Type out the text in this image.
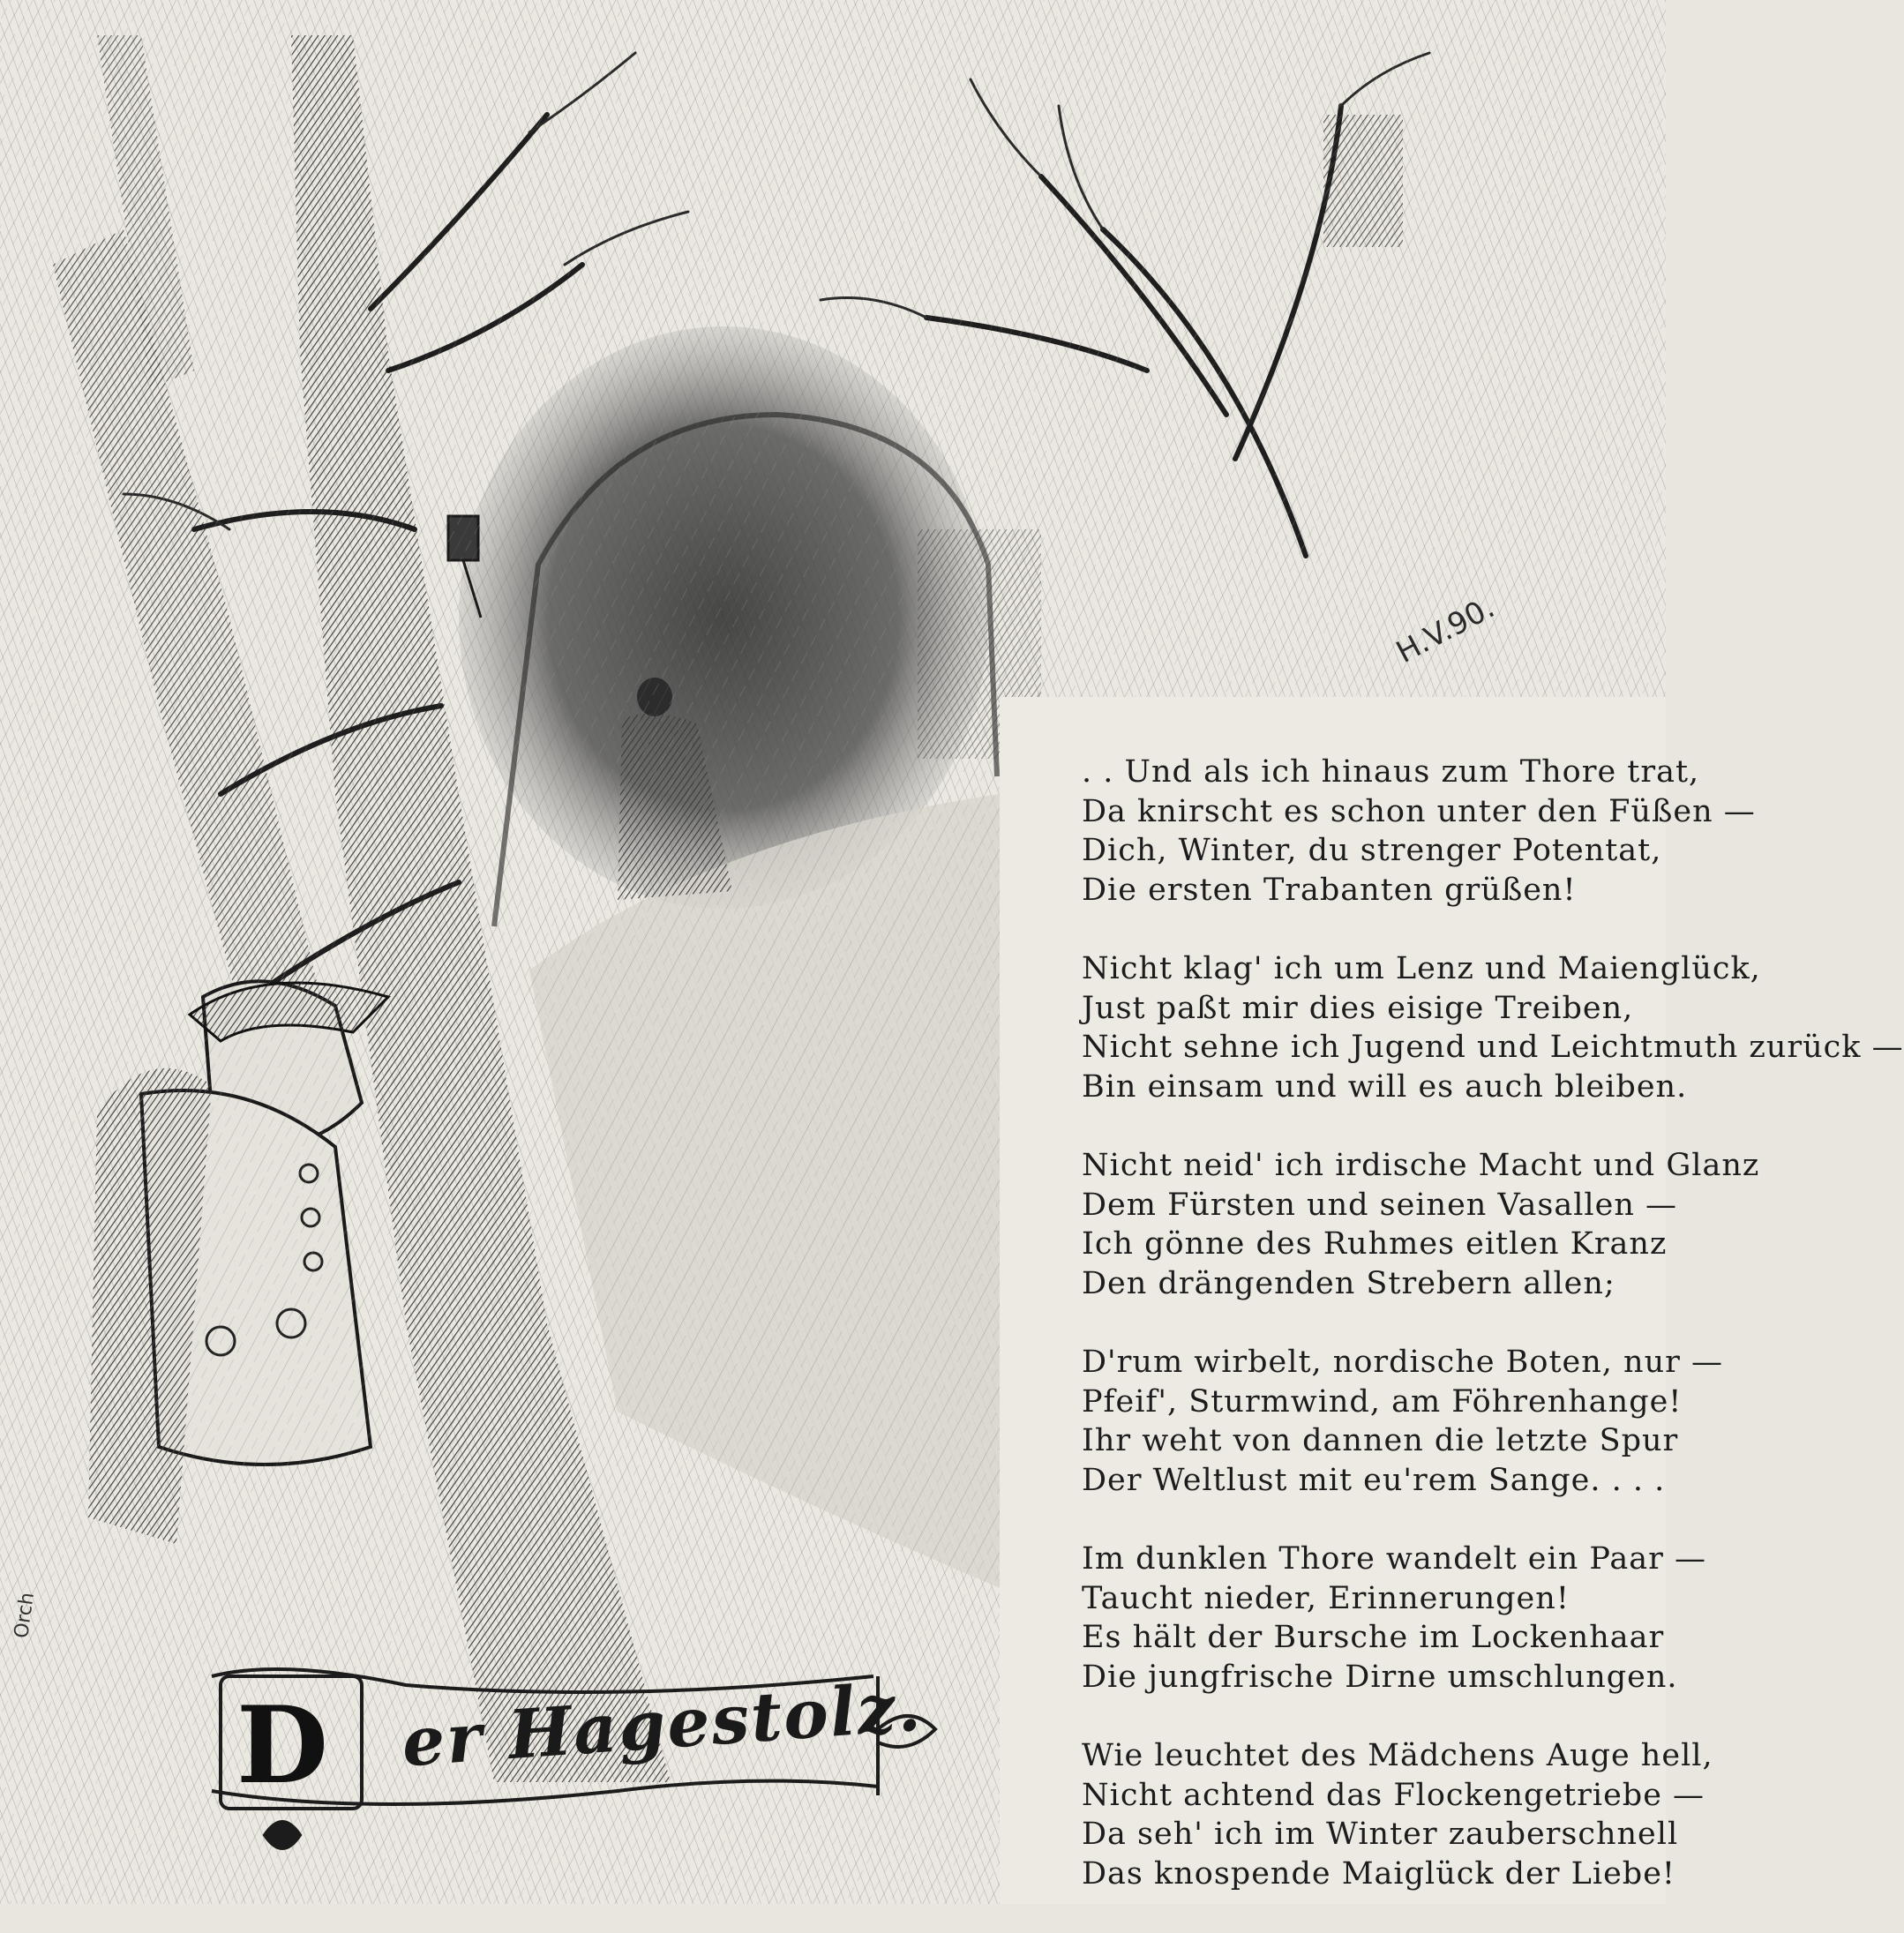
H.V.90.
Orch
D er Hagestolz.
. . Und als ich hinaus zum Thore trat,
Da knirscht es schon unter den Füßen —
Dich, Winter, du strenger Potentat,
Die ersten Trabanten grüßen!
Nicht klag' ich um Lenz und Maienglück,
Just paßt mir dies eisige Treiben,
Nicht sehne ich Jugend und Leichtmuth zurück —
Bin einsam und will es auch bleiben.
Nicht neid' ich irdische Macht und Glanz
Dem Fürsten und seinen Vasallen —
Ich gönne des Ruhmes eitlen Kranz
Den drängenden Strebern allen;
D'rum wirbelt, nordische Boten, nur —
Pfeif', Sturmwind, am Föhrenhange!
Ihr weht von dannen die letzte Spur
Der Weltlust mit eu'rem Sange. . . .
Im dunklen Thore wandelt ein Paar —
Taucht nieder, Erinnerungen!
Es hält der Bursche im Lockenhaar
Die jungfrische Dirne umschlungen.
Wie leuchtet des Mädchens Auge hell,
Nicht achtend das Flockengetriebe —
Da seh' ich im Winter zauberschnell
Das knospende Maiglück der Liebe!
